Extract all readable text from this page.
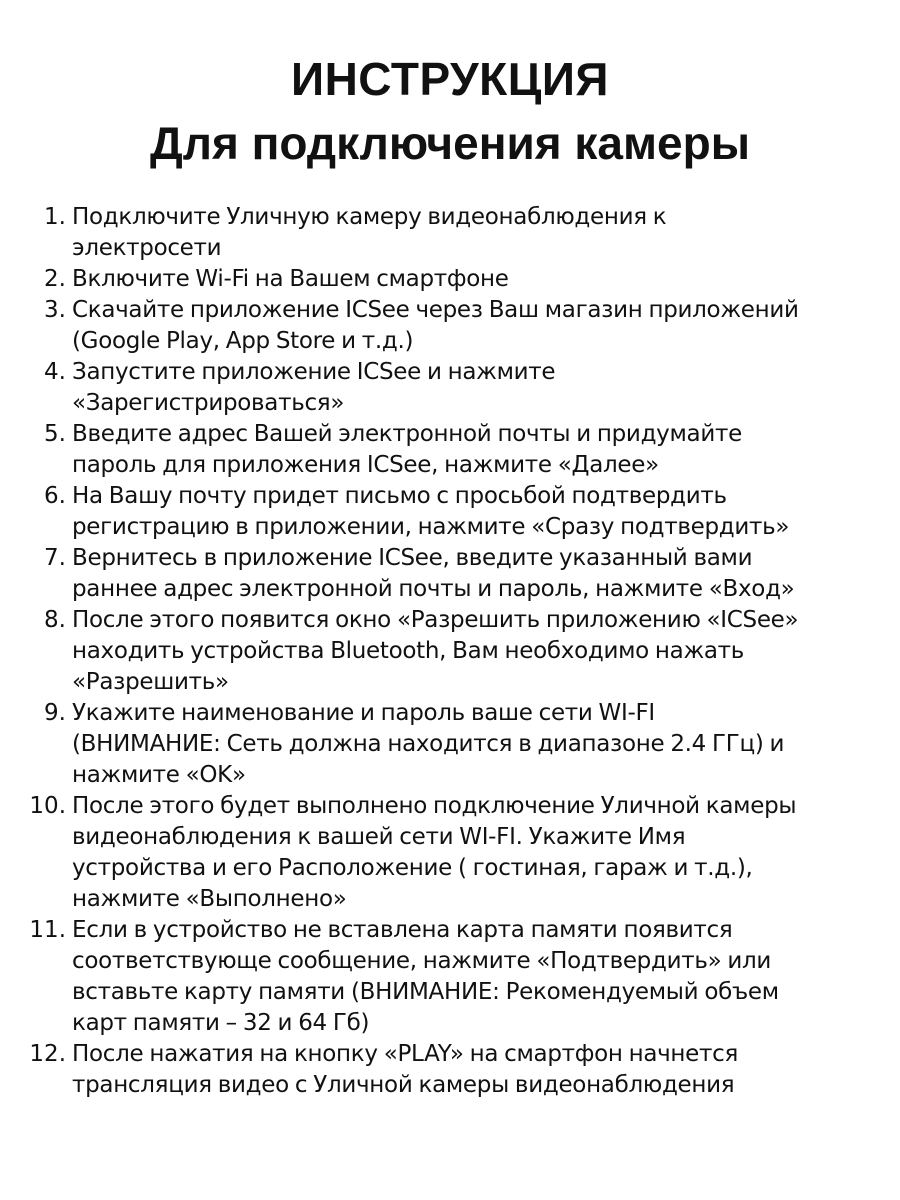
ИНСТРУКЦИЯ
Для подключения камеры
1. Подключите Уличную камеру видеонаблюдения к
электросети
2. Включите Wi-Fi на Вашем смартфоне
3. Скачайте приложение ICSee через Ваш магазин приложений
(Google Play, App Store и т.д.)
4. Запустите приложение ICSee и нажмите
«Зарегистрироваться»
5. Введите адрес Вашей электронной почты и придумайте
пароль для приложения ICSee, нажмите «Далее»
6. На Вашу почту придет письмо с просьбой подтвердить
регистрацию в приложении, нажмите «Сразу подтвердить»
7. Вернитесь в приложение ICSee, введите указанный вами
раннее адрес электронной почты и пароль, нажмите «Вход»
8. После этого появится окно «Разрешить приложению «ICSee»
находить устройства Bluetooth, Вам необходимо нажать
«Разрешить»
9. Укажите наименование и пароль ваше сети WI-FI
(ВНИМАНИЕ: Сеть должна находится в диапазоне 2.4 ГГц) и
нажмите «OK»
10. После этого будет выполнено подключение Уличной камеры
видеонаблюдения к вашей сети WI-FI. Укажите Имя
устройства и его Расположение ( гостиная, гараж и т.д.),
нажмите «Выполнено»
11. Если в устройство не вставлена карта памяти появится
соответствующе сообщение, нажмите «Подтвердить» или
вставьте карту памяти (ВНИМАНИЕ: Рекомендуемый объем
карт памяти – 32 и 64 Гб)
12. После нажатия на кнопку «PLAY» на смартфон начнется
трансляция видео с Уличной камеры видеонаблюдения
